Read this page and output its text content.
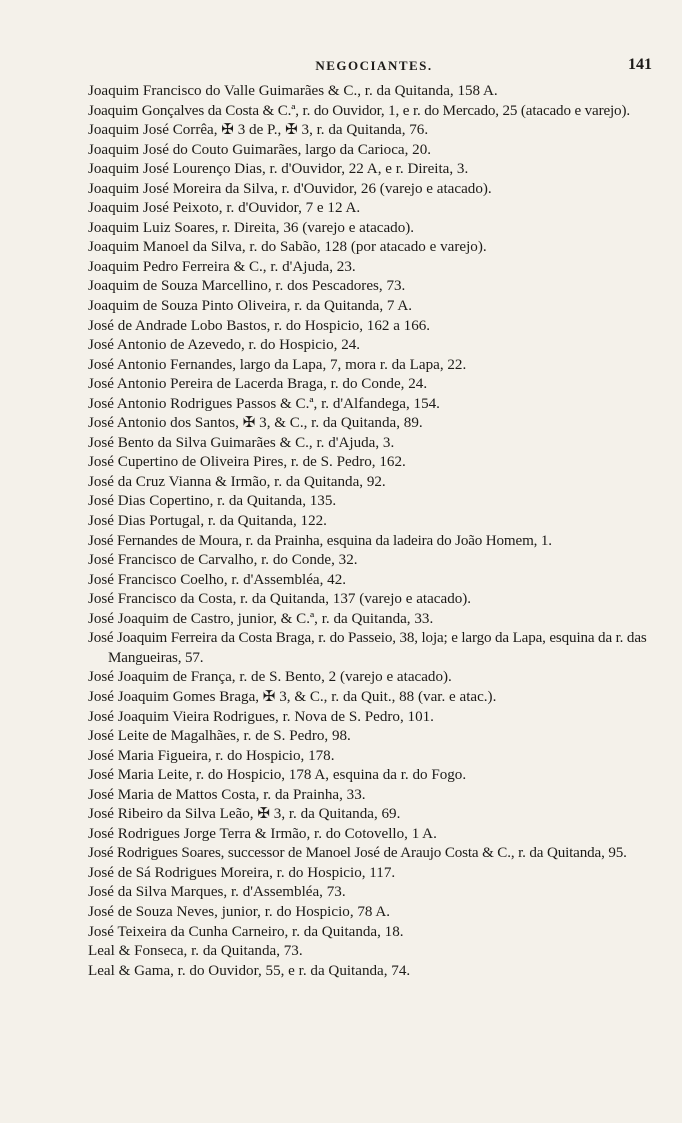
NEGOCIANTES.	141
Joaquim Francisco do Valle Guimarães & C., r. da Quitanda, 158 A.
Joaquim Gonçalves da Costa & C.ª, r. do Ouvidor, 1, e r. do Mercado, 25 (atacado e varejo).
Joaquim José Corrêa, ✠ 3 de P., ✠ 3, r. da Quitanda, 76.
Joaquim José do Couto Guimarães, largo da Carioca, 20.
Joaquim José Lourenço Dias, r. d'Ouvidor, 22 A, e r. Direita, 3.
Joaquim José Moreira da Silva, r. d'Ouvidor, 26 (varejo e atacado).
Joaquim José Peixoto, r. d'Ouvidor, 7 e 12 A.
Joaquim Luiz Soares, r. Direita, 36 (varejo e atacado).
Joaquim Manoel da Silva, r. do Sabão, 128 (por atacado e varejo).
Joaquim Pedro Ferreira & C., r. d'Ajuda, 23.
Joaquim de Souza Marcellino, r. dos Pescadores, 73.
Joaquim de Souza Pinto Oliveira, r. da Quitanda, 7 A.
José de Andrade Lobo Bastos, r. do Hospicio, 162 a 166.
José Antonio de Azevedo, r. do Hospicio, 24.
José Antonio Fernandes, largo da Lapa, 7, mora r. da Lapa, 22.
José Antonio Pereira de Lacerda Braga, r. do Conde, 24.
José Antonio Rodrigues Passos & C.ª, r. d'Alfandega, 154.
José Antonio dos Santos, ✠ 3, & C., r. da Quitanda, 89.
José Bento da Silva Guimarães & C., r. d'Ajuda, 3.
José Cupertino de Oliveira Pires, r. de S. Pedro, 162.
José da Cruz Vianna & Irmão, r. da Quitanda, 92.
José Dias Copertino, r. da Quitanda, 135.
José Dias Portugal, r. da Quitanda, 122.
José Fernandes de Moura, r. da Prainha, esquina da ladeira do João Homem, 1.
José Francisco de Carvalho, r. do Conde, 32.
José Francisco Coelho, r. d'Assembléa, 42.
José Francisco da Costa, r. da Quitanda, 137 (varejo e atacado).
José Joaquim de Castro, junior, & C.ª, r. da Quitanda, 33.
José Joaquim Ferreira da Costa Braga, r. do Passeio, 38, loja; e largo da Lapa, esquina da r. das Mangueiras, 57.
José Joaquim de França, r. de S. Bento, 2 (varejo e atacado).
José Joaquim Gomes Braga, ✠ 3, & C., r. da Quit., 88 (var. e atac.).
José Joaquim Vieira Rodrigues, r. Nova de S. Pedro, 101.
José Leite de Magalhães, r. de S. Pedro, 98.
José Maria Figueira, r. do Hospicio, 178.
José Maria Leite, r. do Hospicio, 178 A, esquina da r. do Fogo.
José Maria de Mattos Costa, r. da Prainha, 33.
José Ribeiro da Silva Leão, ✠ 3, r. da Quitanda, 69.
José Rodrigues Jorge Terra & Irmão, r. do Cotovello, 1 A.
José Rodrigues Soares, successor de Manoel José de Araujo Costa & C., r. da Quitanda, 95.
José de Sá Rodrigues Moreira, r. do Hospicio, 117.
José da Silva Marques, r. d'Assembléa, 73.
José de Souza Neves, junior, r. do Hospicio, 78 A.
José Teixeira da Cunha Carneiro, r. da Quitanda, 18.
Leal & Fonseca, r. da Quitanda, 73.
Leal & Gama, r. do Ouvidor, 55, e r. da Quitanda, 74.
